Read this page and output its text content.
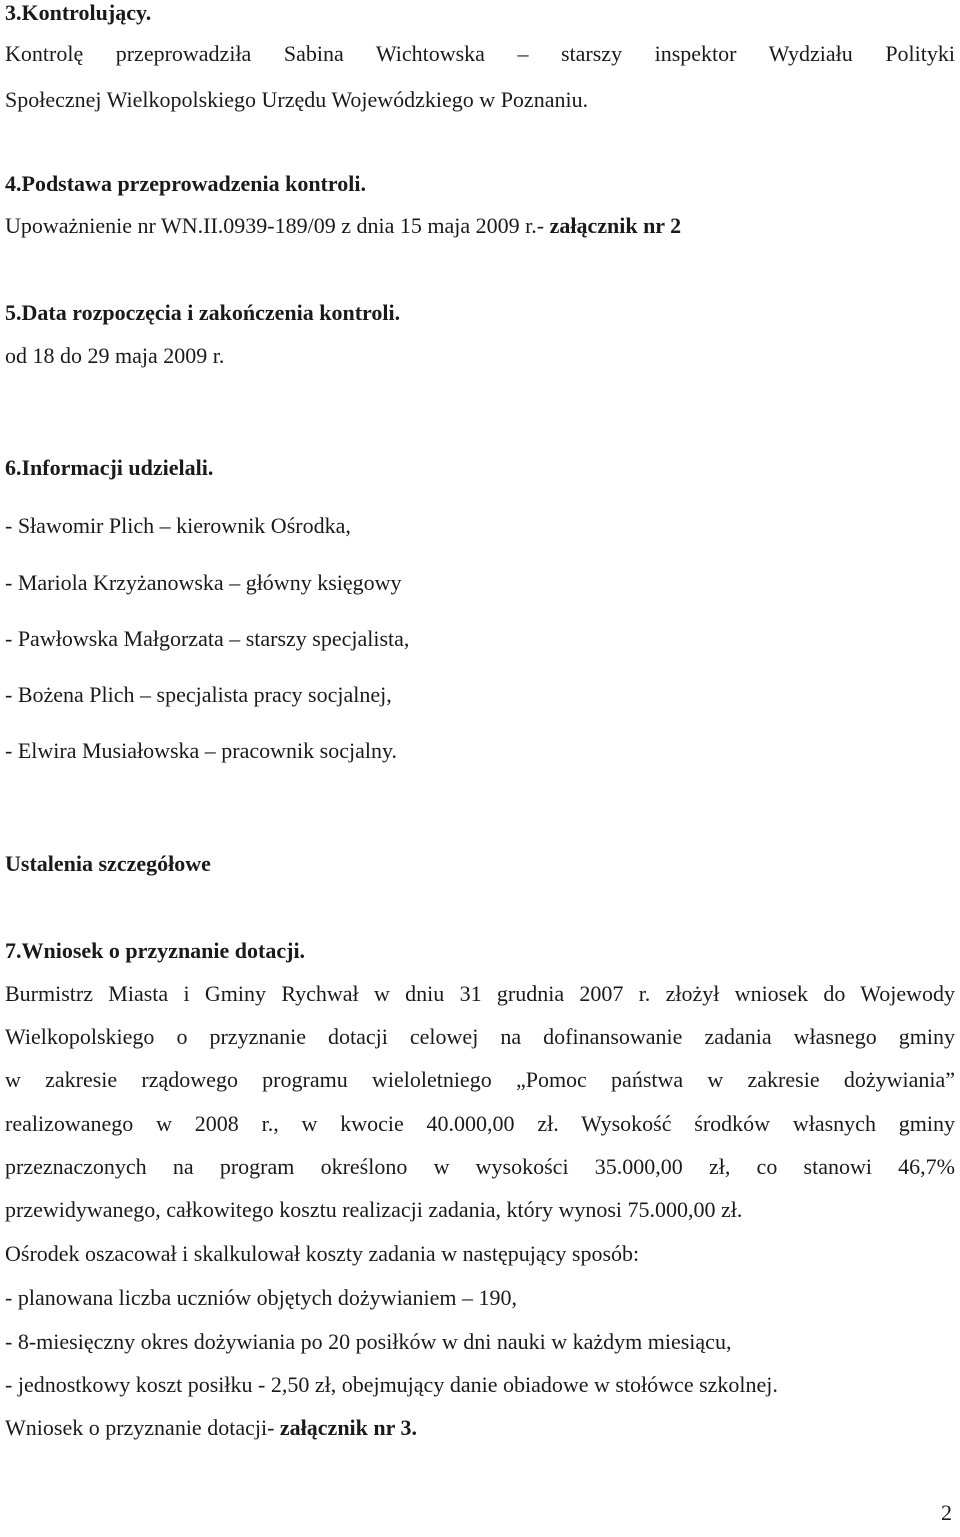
3.Kontrolujący.
Kontrolę przeprowadziła Sabina Wichtowska – starszy inspektor Wydziału Polityki
Społecznej Wielkopolskiego Urzędu Wojewódzkiego w Poznaniu.
4.Podstawa przeprowadzenia kontroli.
Upoważnienie nr WN.II.0939-189/09 z dnia 15 maja 2009 r.- załącznik nr 2
5.Data rozpoczęcia i zakończenia kontroli.
od 18 do 29 maja 2009 r.
6.Informacji udzielali.
- Sławomir Plich – kierownik Ośrodka,
- Mariola Krzyżanowska – główny księgowy
- Pawłowska Małgorzata – starszy specjalista,
- Bożena Plich – specjalista pracy socjalnej,
- Elwira Musiałowska – pracownik socjalny.
Ustalenia szczegółowe
7.Wniosek o przyznanie dotacji.
Burmistrz Miasta i Gminy Rychwał w dniu 31 grudnia 2007 r. złożył wniosek do Wojewody
Wielkopolskiego o przyznanie dotacji celowej na dofinansowanie zadania własnego gminy
w zakresie rządowego programu wieloletniego „Pomoc państwa w zakresie dożywiania”
realizowanego w 2008 r., w kwocie 40.000,00 zł. Wysokość środków własnych gminy
przeznaczonych na program określono w wysokości 35.000,00 zł, co stanowi 46,7%
przewidywanego, całkowitego kosztu realizacji zadania, który wynosi 75.000,00 zł.
Ośrodek oszacował i skalkulował koszty zadania w następujący sposób:
- planowana liczba uczniów objętych dożywianiem – 190,
- 8-miesięczny okres dożywiania po 20 posiłków w dni nauki w każdym miesiącu,
- jednostkowy koszt posiłku - 2,50 zł, obejmujący danie obiadowe w stołówce szkolnej.
Wniosek o przyznanie dotacji- załącznik nr 3.
2
